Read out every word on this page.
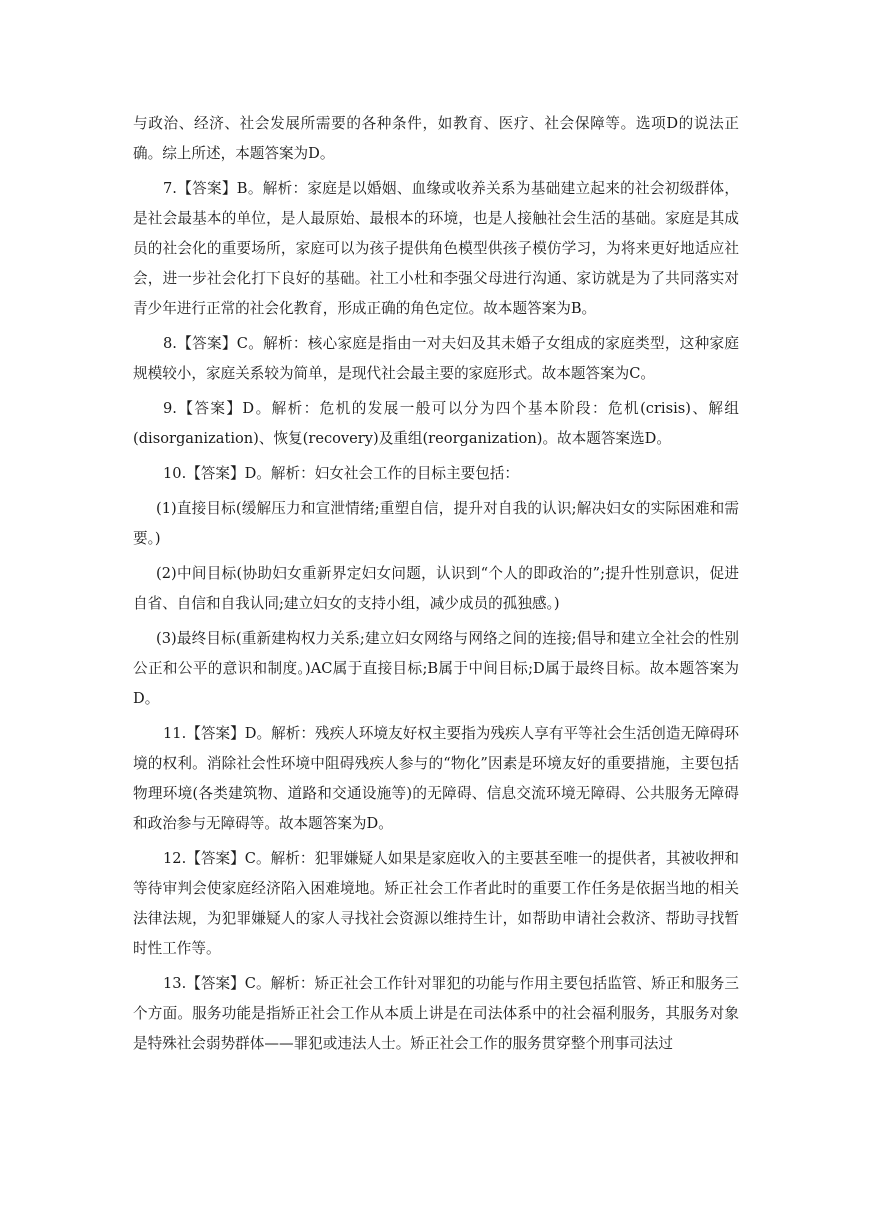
与政治、经济、社会发展所需要的各种条件，如教育、医疗、社会保障等。选项D的说法正确。综上所述，本题答案为D。

7.【答案】B。解析：家庭是以婚姻、血缘或收养关系为基础建立起来的社会初级群体，是社会最基本的单位，是人最原始、最根本的环境，也是人接触社会生活的基础。家庭是其成员的社会化的重要场所，家庭可以为孩子提供角色模型供孩子模仿学习，为将来更好地适应社会，进一步社会化打下良好的基础。社工小杜和李强父母进行沟通、家访就是为了共同落实对青少年进行正常的社会化教育，形成正确的角色定位。故本题答案为B。

8.【答案】C。解析：核心家庭是指由一对夫妇及其未婚子女组成的家庭类型，这种家庭规模较小，家庭关系较为简单，是现代社会最主要的家庭形式。故本题答案为C。

9.【答案】D。解析：危机的发展一般可以分为四个基本阶段：危机(crisis)、解组(disorganization)、恢复(recovery)及重组(reorganization)。故本题答案选D。

10.【答案】D。解析：妇女社会工作的目标主要包括：

(1)直接目标(缓解压力和宣泄情绪;重塑自信，提升对自我的认识;解决妇女的实际困难和需要。)

(2)中间目标(协助妇女重新界定妇女问题，认识到“个人的即政治的”;提升性别意识，促进自省、自信和自我认同;建立妇女的支持小组，减少成员的孤独感。)

(3)最终目标(重新建构权力关系;建立妇女网络与网络之间的连接;倡导和建立全社会的性别公正和公平的意识和制度。)AC属于直接目标;B属于中间目标;D属于最终目标。故本题答案为D。

11.【答案】D。解析：残疾人环境友好权主要指为残疾人享有平等社会生活创造无障碍环境的权利。消除社会性环境中阻碍残疾人参与的“物化”因素是环境友好的重要措施，主要包括物理环境(各类建筑物、道路和交通设施等)的无障碍、信息交流环境无障碍、公共服务无障碍和政治参与无障碍等。故本题答案为D。

12.【答案】C。解析：犯罪嫌疑人如果是家庭收入的主要甚至唯一的提供者，其被收押和等待审判会使家庭经济陷入困难境地。矫正社会工作者此时的重要工作任务是依据当地的相关法律法规，为犯罪嫌疑人的家人寻找社会资源以维持生计，如帮助申请社会救济、帮助寻找暂时性工作等。

13.【答案】C。解析：矫正社会工作针对罪犯的功能与作用主要包括监管、矫正和服务三个方面。服务功能是指矫正社会工作从本质上讲是在司法体系中的社会福利服务，其服务对象是特殊社会弱势群体——罪犯或违法人士。矫正社会工作的服务贯穿整个刑事司法过
